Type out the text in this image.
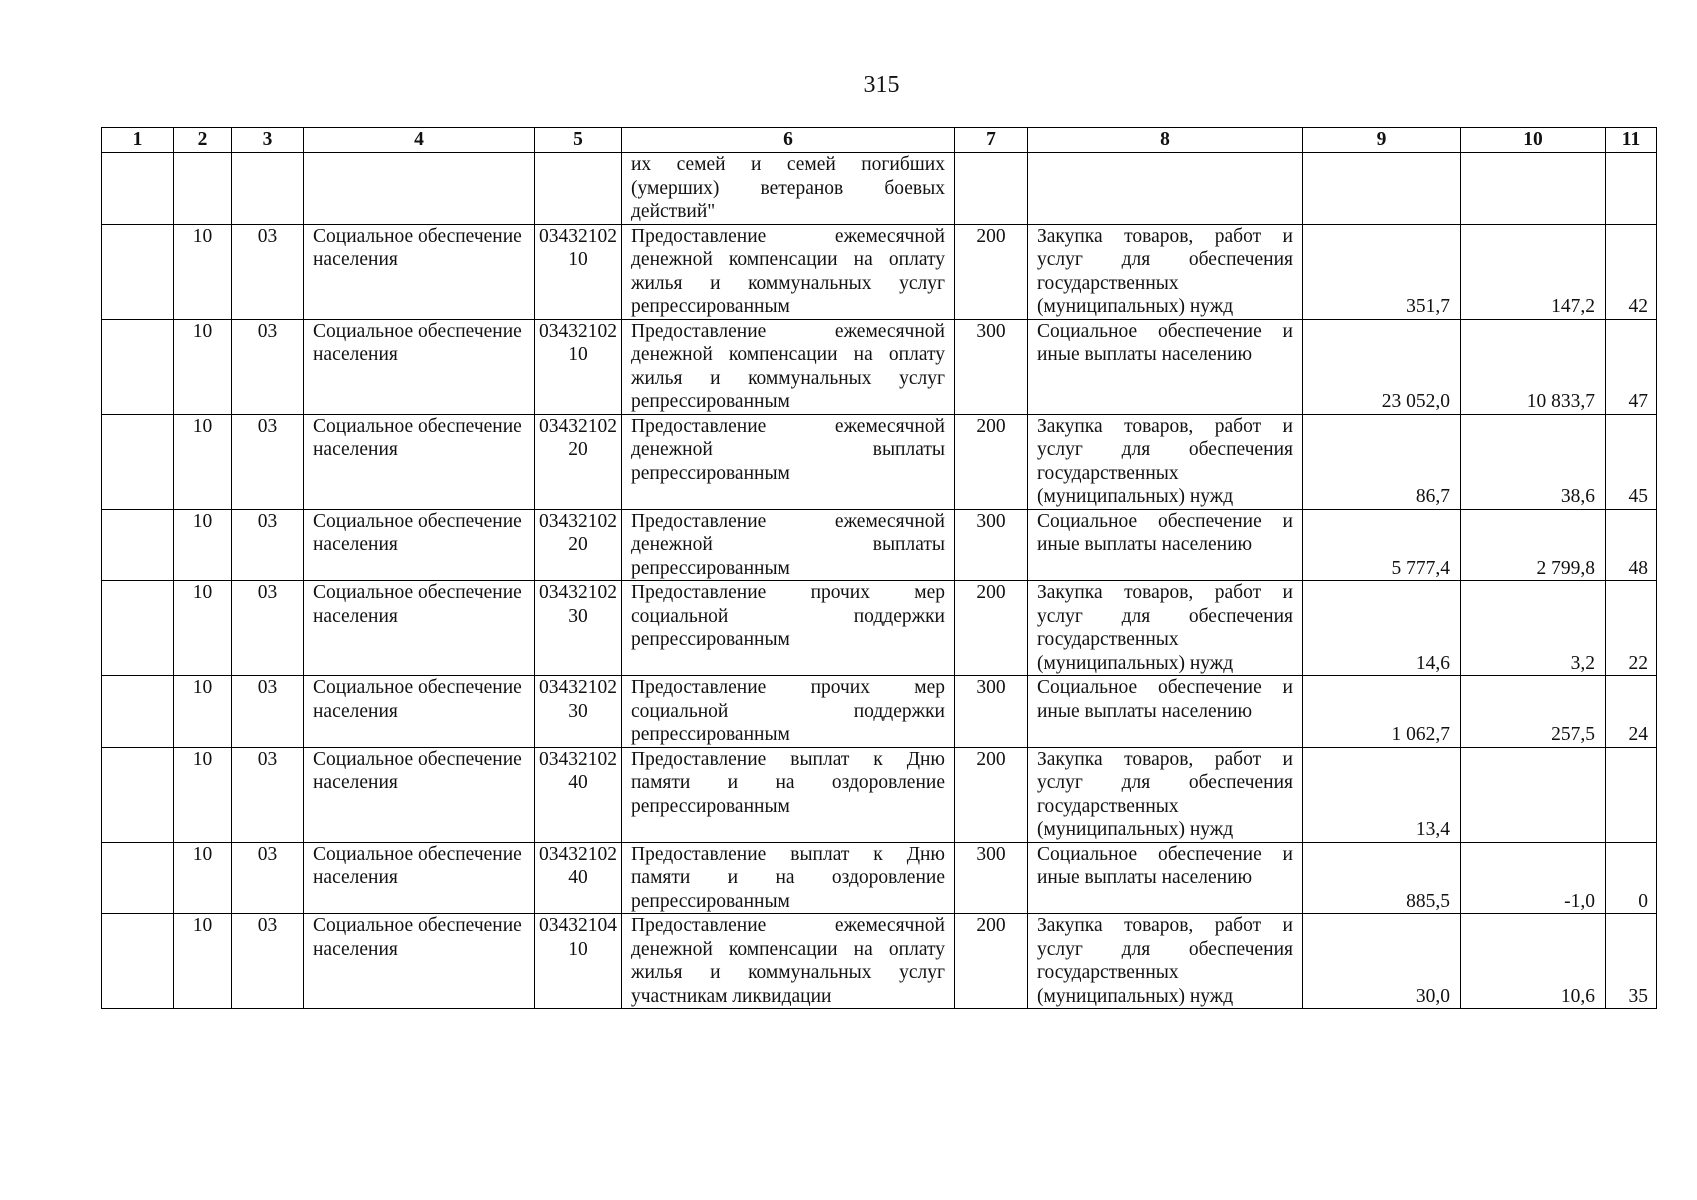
315
1	2	3	4	5	6	7	8	9	10	11

					их семей и семей погибших
(умерших) ветеранов боевых
действий"					

	10	03	Социальное обеспечение населения	0343210210	Предоставление ежемесячной
денежной компенсации на оплату
жилья и коммунальных услуг
репрессированным	200	Закупка товаров, работ и
услуг для обеспечения
государственных
(муниципальных) нужд	351,7	147,2	42
	10	03	Социальное обеспечение населения	0343210210	Предоставление ежемесячной
денежной компенсации на оплату
жилья и коммунальных услуг
репрессированным	300	Социальное обеспечение и
иные выплаты населению	23 052,0	10 833,7	47
	10	03	Социальное обеспечение населения	0343210220	Предоставление ежемесячной
денежной выплаты
репрессированным	200	Закупка товаров, работ и
услуг для обеспечения
государственных
(муниципальных) нужд	86,7	38,6	45
	10	03	Социальное обеспечение населения	0343210220	Предоставление ежемесячной
денежной выплаты
репрессированным	300	Социальное обеспечение и
иные выплаты населению	5 777,4	2 799,8	48
	10	03	Социальное обеспечение населения	0343210230	Предоставление прочих мер
социальной поддержки
репрессированным	200	Закупка товаров, работ и
услуг для обеспечения
государственных
(муниципальных) нужд	14,6	3,2	22
	10	03	Социальное обеспечение населения	0343210230	Предоставление прочих мер
социальной поддержки
репрессированным	300	Социальное обеспечение и
иные выплаты населению	1 062,7	257,5	24
	10	03	Социальное обеспечение населения	0343210240	Предоставление выплат к Дню
памяти и на оздоровление
репрессированным	200	Закупка товаров, работ и
услуг для обеспечения
государственных
(муниципальных) нужд	13,4		
	10	03	Социальное обеспечение населения	0343210240	Предоставление выплат к Дню
памяти и на оздоровление
репрессированным	300	Социальное обеспечение и
иные выплаты населению	885,5	-1,0	0
	10	03	Социальное обеспечение населения	0343210410	Предоставление ежемесячной
денежной компенсации на оплату
жилья и коммунальных услуг
участникам ликвидации	200	Закупка товаров, работ и
услуг для обеспечения
государственных
(муниципальных) нужд	30,0	10,6	35
